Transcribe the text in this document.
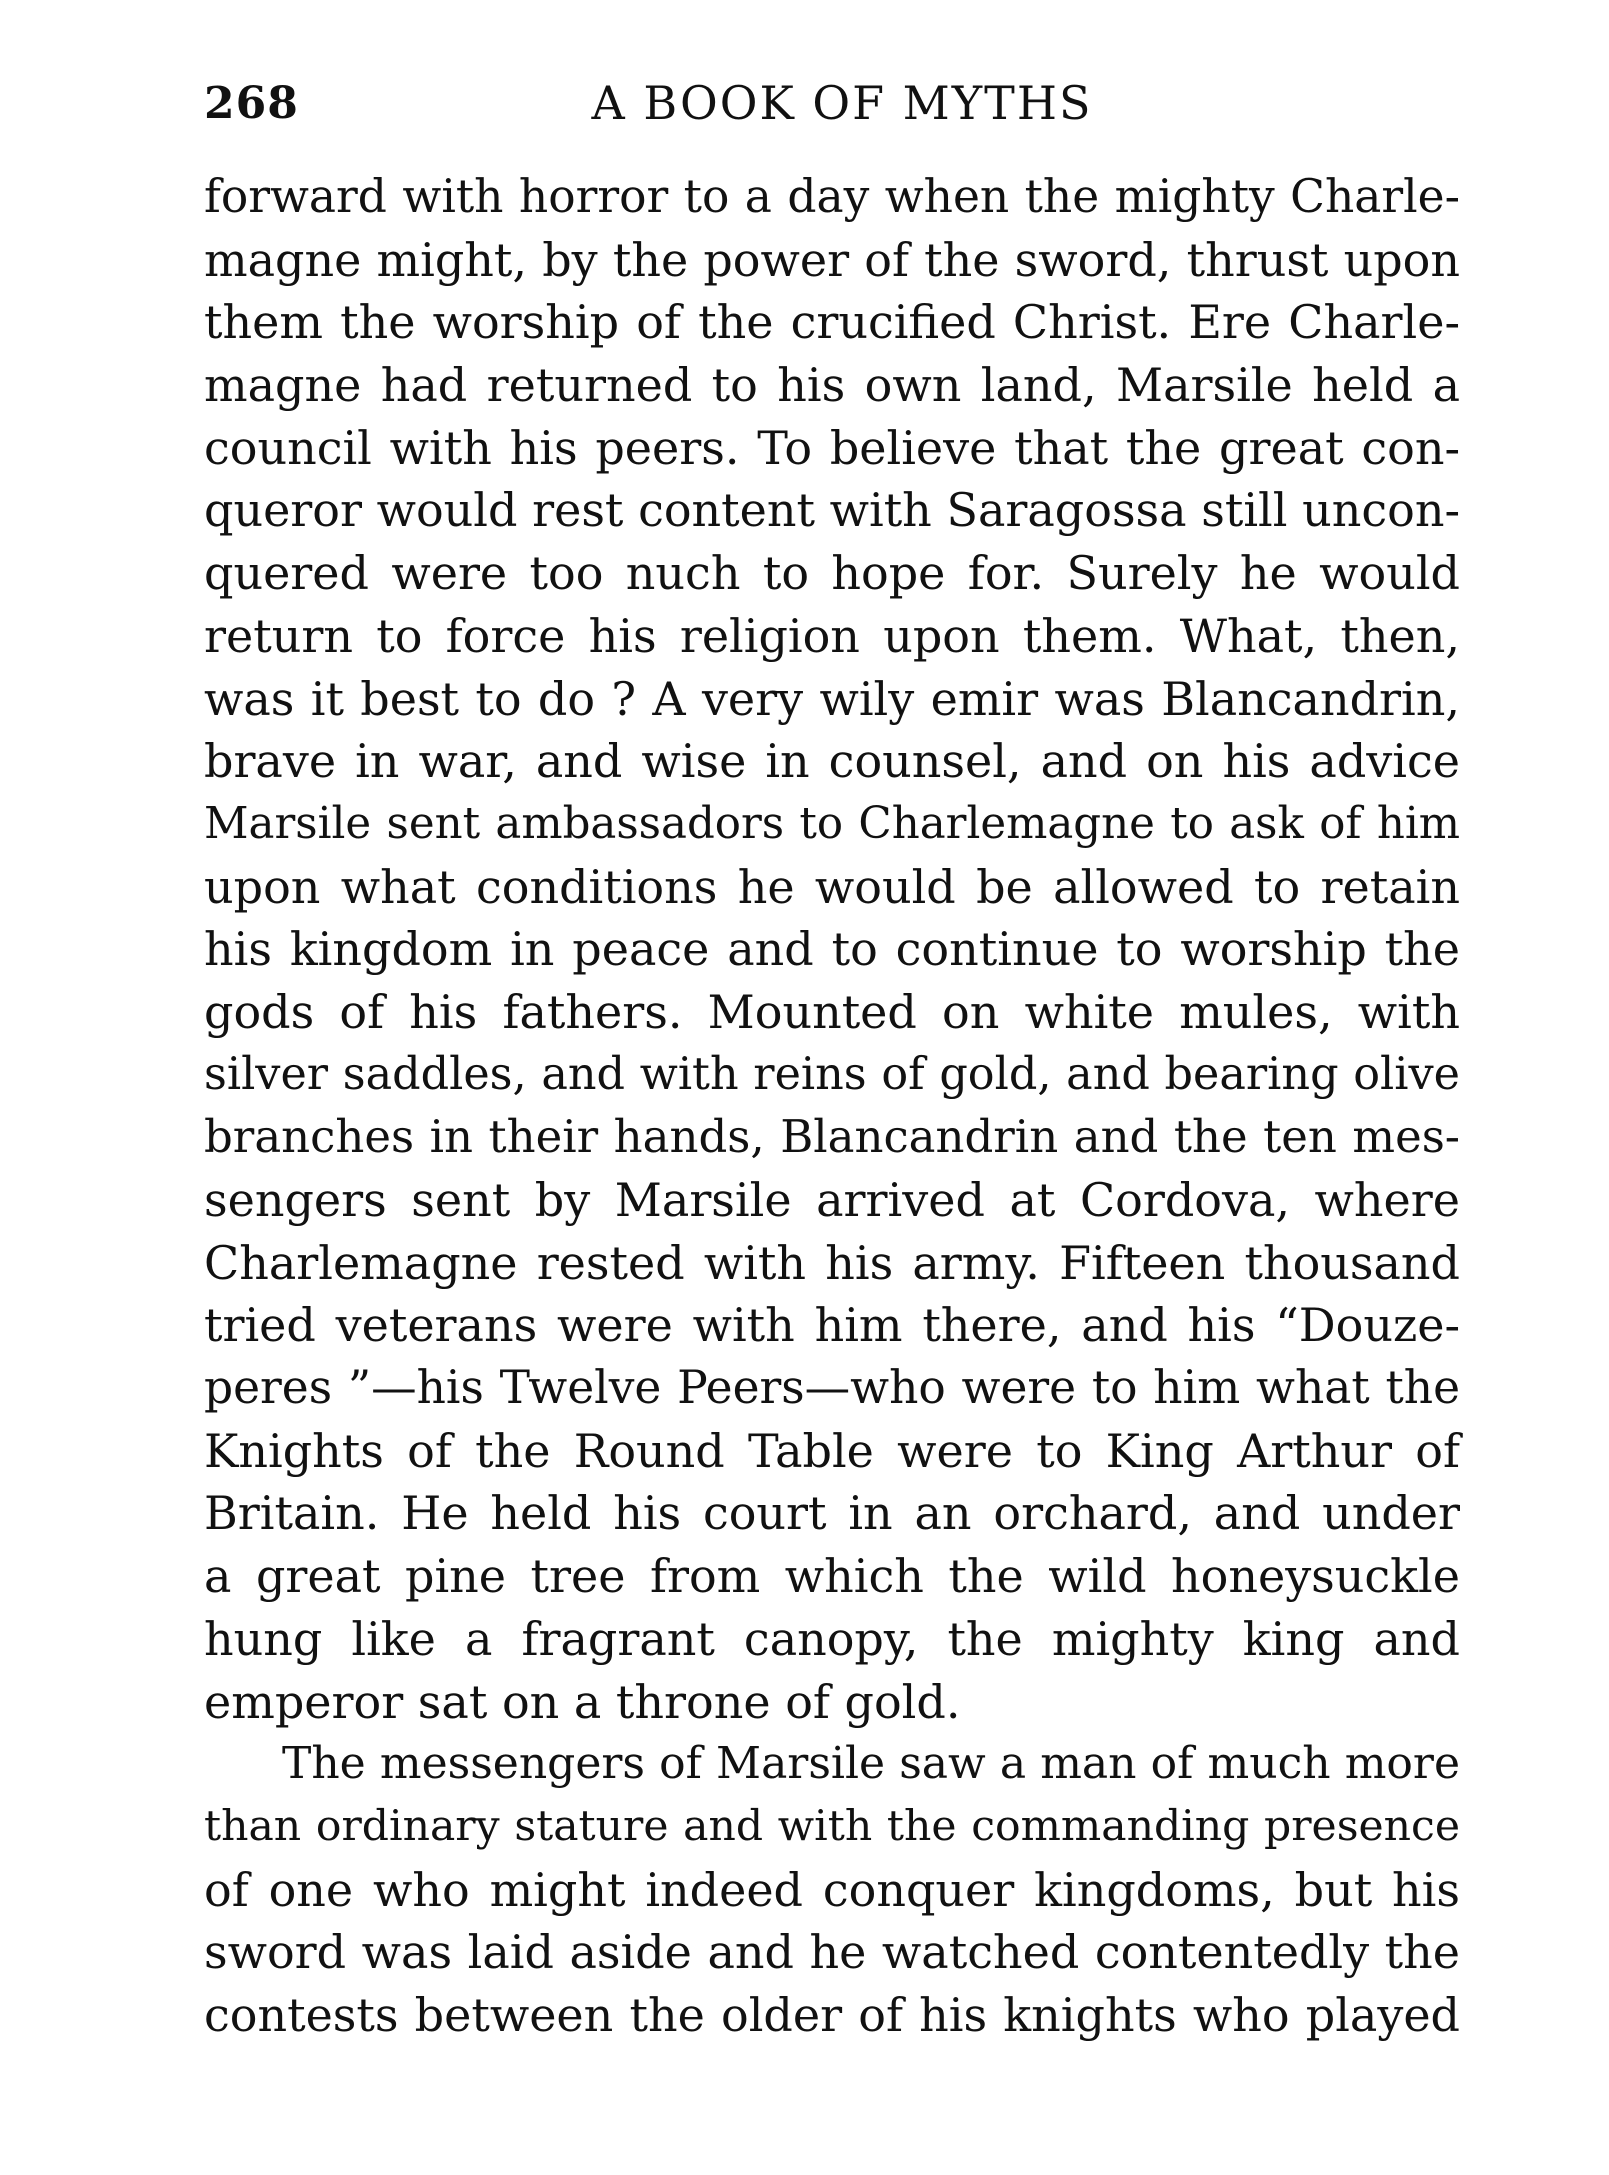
268	A BOOK OF MYTHS
forward with horror to a day when the mighty Charle-
magne might, by the power of the sword, thrust upon
them the worship of the crucified Christ. Ere Charle-
magne had returned to his own land, Marsile held a
council with his peers. To believe that the great con-
queror would rest content with Saragossa still uncon-
quered were too nuch to hope for. Surely he would
return to force his religion upon them. What, then,
was it best to do ? A very wily emir was Blancandrin,
brave in war, and wise in counsel, and on his advice
Marsile sent ambassadors to Charlemagne to ask of him
upon what conditions he would be allowed to retain
his kingdom in peace and to continue to worship the
gods of his fathers. Mounted on white mules, with
silver saddles, and with reins of gold, and bearing olive
branches in their hands, Blancandrin and the ten mes-
sengers sent by Marsile arrived at Cordova, where
Charlemagne rested with his army. Fifteen thousand
tried veterans were with him there, and his “Douze-
peres ”—his Twelve Peers—who were to him what the
Knights of the Round Table were to King Arthur of
Britain. He held his court in an orchard, and under
a great pine tree from which the wild honeysuckle
hung like a fragrant canopy, the mighty king and
emperor sat on a throne of gold.
The messengers of Marsile saw a man of much more
than ordinary stature and with the commanding presence
of one who might indeed conquer kingdoms, but his
sword was laid aside and he watched contentedly the
contests between the older of his knights who played
